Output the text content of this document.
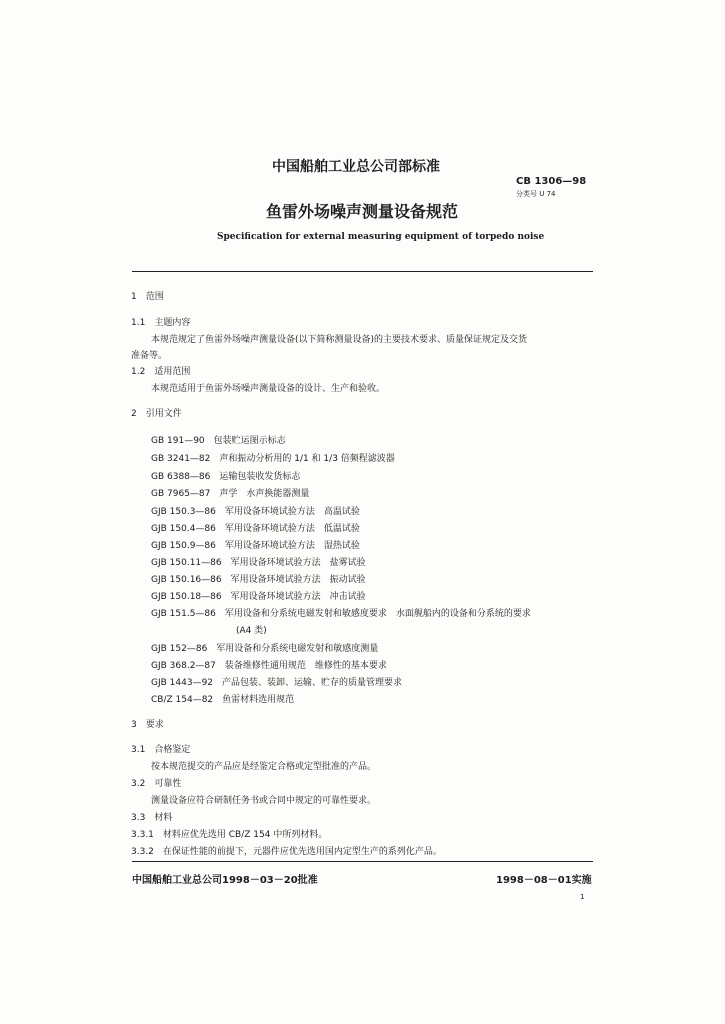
中国船舶工业总公司部标准
CB 1306—98
分类号 U 74
鱼雷外场噪声测量设备规范
Specification for external measuring equipment of torpedo noise
1　范围
1.1　主题内容
本规范规定了鱼雷外场噪声测量设备(以下简称测量设备)的主要技术要求、质量保证规定及交货
准备等。
1.2　适用范围
本规范适用于鱼雷外场噪声测量设备的设计、生产和验收。
2　引用文件
GB 191—90　包装贮运图示标志
GB 3241—82　声和振动分析用的 1/1 和 1/3 倍频程滤波器
GB 6388—86　运输包装收发货标志
GB 7965—87　声学　水声换能器测量
GJB 150.3—86　军用设备环境试验方法　高温试验
GJB 150.4—86　军用设备环境试验方法　低温试验
GJB 150.9—86　军用设备环境试验方法　湿热试验
GJB 150.11—86　军用设备环境试验方法　盐雾试验
GJB 150.16—86　军用设备环境试验方法　振动试验
GJB 150.18—86　军用设备环境试验方法　冲击试验
GJB 151.5—86　军用设备和分系统电磁发射和敏感度要求　水面舰船内的设备和分系统的要求
(A4 类)
GJB 152—86　军用设备和分系统电磁发射和敏感度测量
GJB 368.2—87　装备维修性通用规范　维修性的基本要求
GJB 1443—92　产品包装、装卸、运输、贮存的质量管理要求
CB/Z 154—82　鱼雷材料选用规范
3　要求
3.1　合格鉴定
按本规范提交的产品应是经鉴定合格或定型批准的产品。
3.2　可靠性
测量设备应符合研制任务书或合同中规定的可靠性要求。
3.3　材料
3.3.1　材料应优先选用 CB/Z 154 中所列材料。
3.3.2　在保证性能的前提下，元器件应优先选用国内定型生产的系列化产品。
中国船舶工业总公司1998－03－20批准	1998－08－01实施
1
